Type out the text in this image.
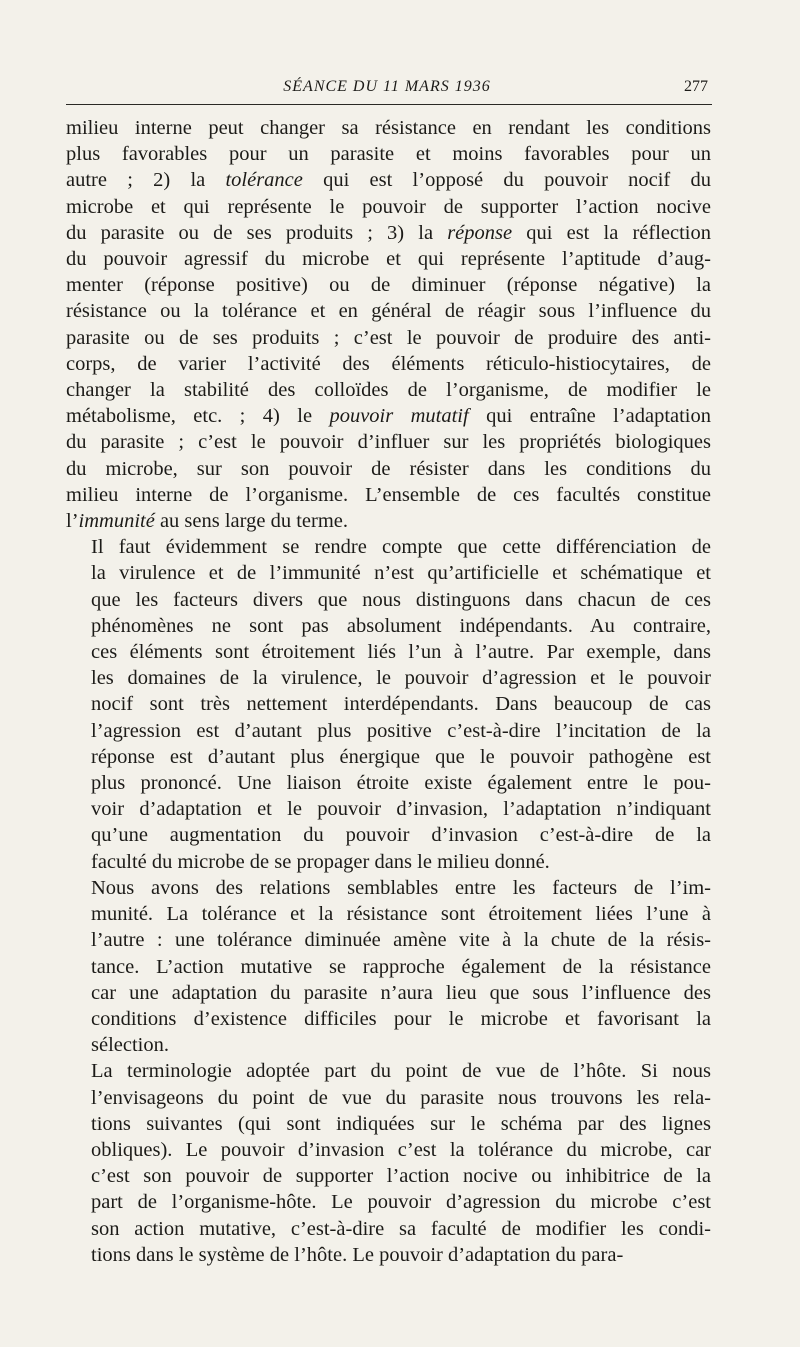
SÉANCE DU 11 MARS 1936	277
milieu interne peut changer sa résistance en rendant les conditions
plus favorables pour un parasite et moins favorables pour un
autre ; 2) la tolérance qui est l’opposé du pouvoir nocif du
microbe et qui représente le pouvoir de supporter l’action nocive
du parasite ou de ses produits ; 3) la réponse qui est la réflection
du pouvoir agressif du microbe et qui représente l’aptitude d’aug-
menter (réponse positive) ou de diminuer (réponse négative) la
résistance ou la tolérance et en général de réagir sous l’influence du
parasite ou de ses produits ; c’est le pouvoir de produire des anti-
corps, de varier l’activité des éléments réticulo-histiocytaires, de
changer la stabilité des colloïdes de l’organisme, de modifier le
métabolisme, etc. ; 4) le pouvoir mutatif qui entraîne l’adaptation
du parasite ; c’est le pouvoir d’influer sur les propriétés biologiques
du microbe, sur son pouvoir de résister dans les conditions du
milieu interne de l’organisme. L’ensemble de ces facultés constitue
l’immunité au sens large du terme.
Il faut évidemment se rendre compte que cette différenciation de
la virulence et de l’immunité n’est qu’artificielle et schématique et
que les facteurs divers que nous distinguons dans chacun de ces
phénomènes ne sont pas absolument indépendants. Au contraire,
ces éléments sont étroitement liés l’un à l’autre. Par exemple, dans
les domaines de la virulence, le pouvoir d’agression et le pouvoir
nocif sont très nettement interdépendants. Dans beaucoup de cas
l’agression est d’autant plus positive c’est-à-dire l’incitation de la
réponse est d’autant plus énergique que le pouvoir pathogène est
plus prononcé. Une liaison étroite existe également entre le pou-
voir d’adaptation et le pouvoir d’invasion, l’adaptation n’indiquant
qu’une augmentation du pouvoir d’invasion c’est-à-dire de la
faculté du microbe de se propager dans le milieu donné.
Nous avons des relations semblables entre les facteurs de l’im-
munité. La tolérance et la résistance sont étroitement liées l’une à
l’autre : une tolérance diminuée amène vite à la chute de la résis-
tance. L’action mutative se rapproche également de la résistance
car une adaptation du parasite n’aura lieu que sous l’influence des
conditions d’existence difficiles pour le microbe et favorisant la
sélection.
La terminologie adoptée part du point de vue de l’hôte. Si nous
l’envisageons du point de vue du parasite nous trouvons les rela-
tions suivantes (qui sont indiquées sur le schéma par des lignes
obliques). Le pouvoir d’invasion c’est la tolérance du microbe, car
c’est son pouvoir de supporter l’action nocive ou inhibitrice de la
part de l’organisme-hôte. Le pouvoir d’agression du microbe c’est
son action mutative, c’est-à-dire sa faculté de modifier les condi-
tions dans le système de l’hôte. Le pouvoir d’adaptation du para-
